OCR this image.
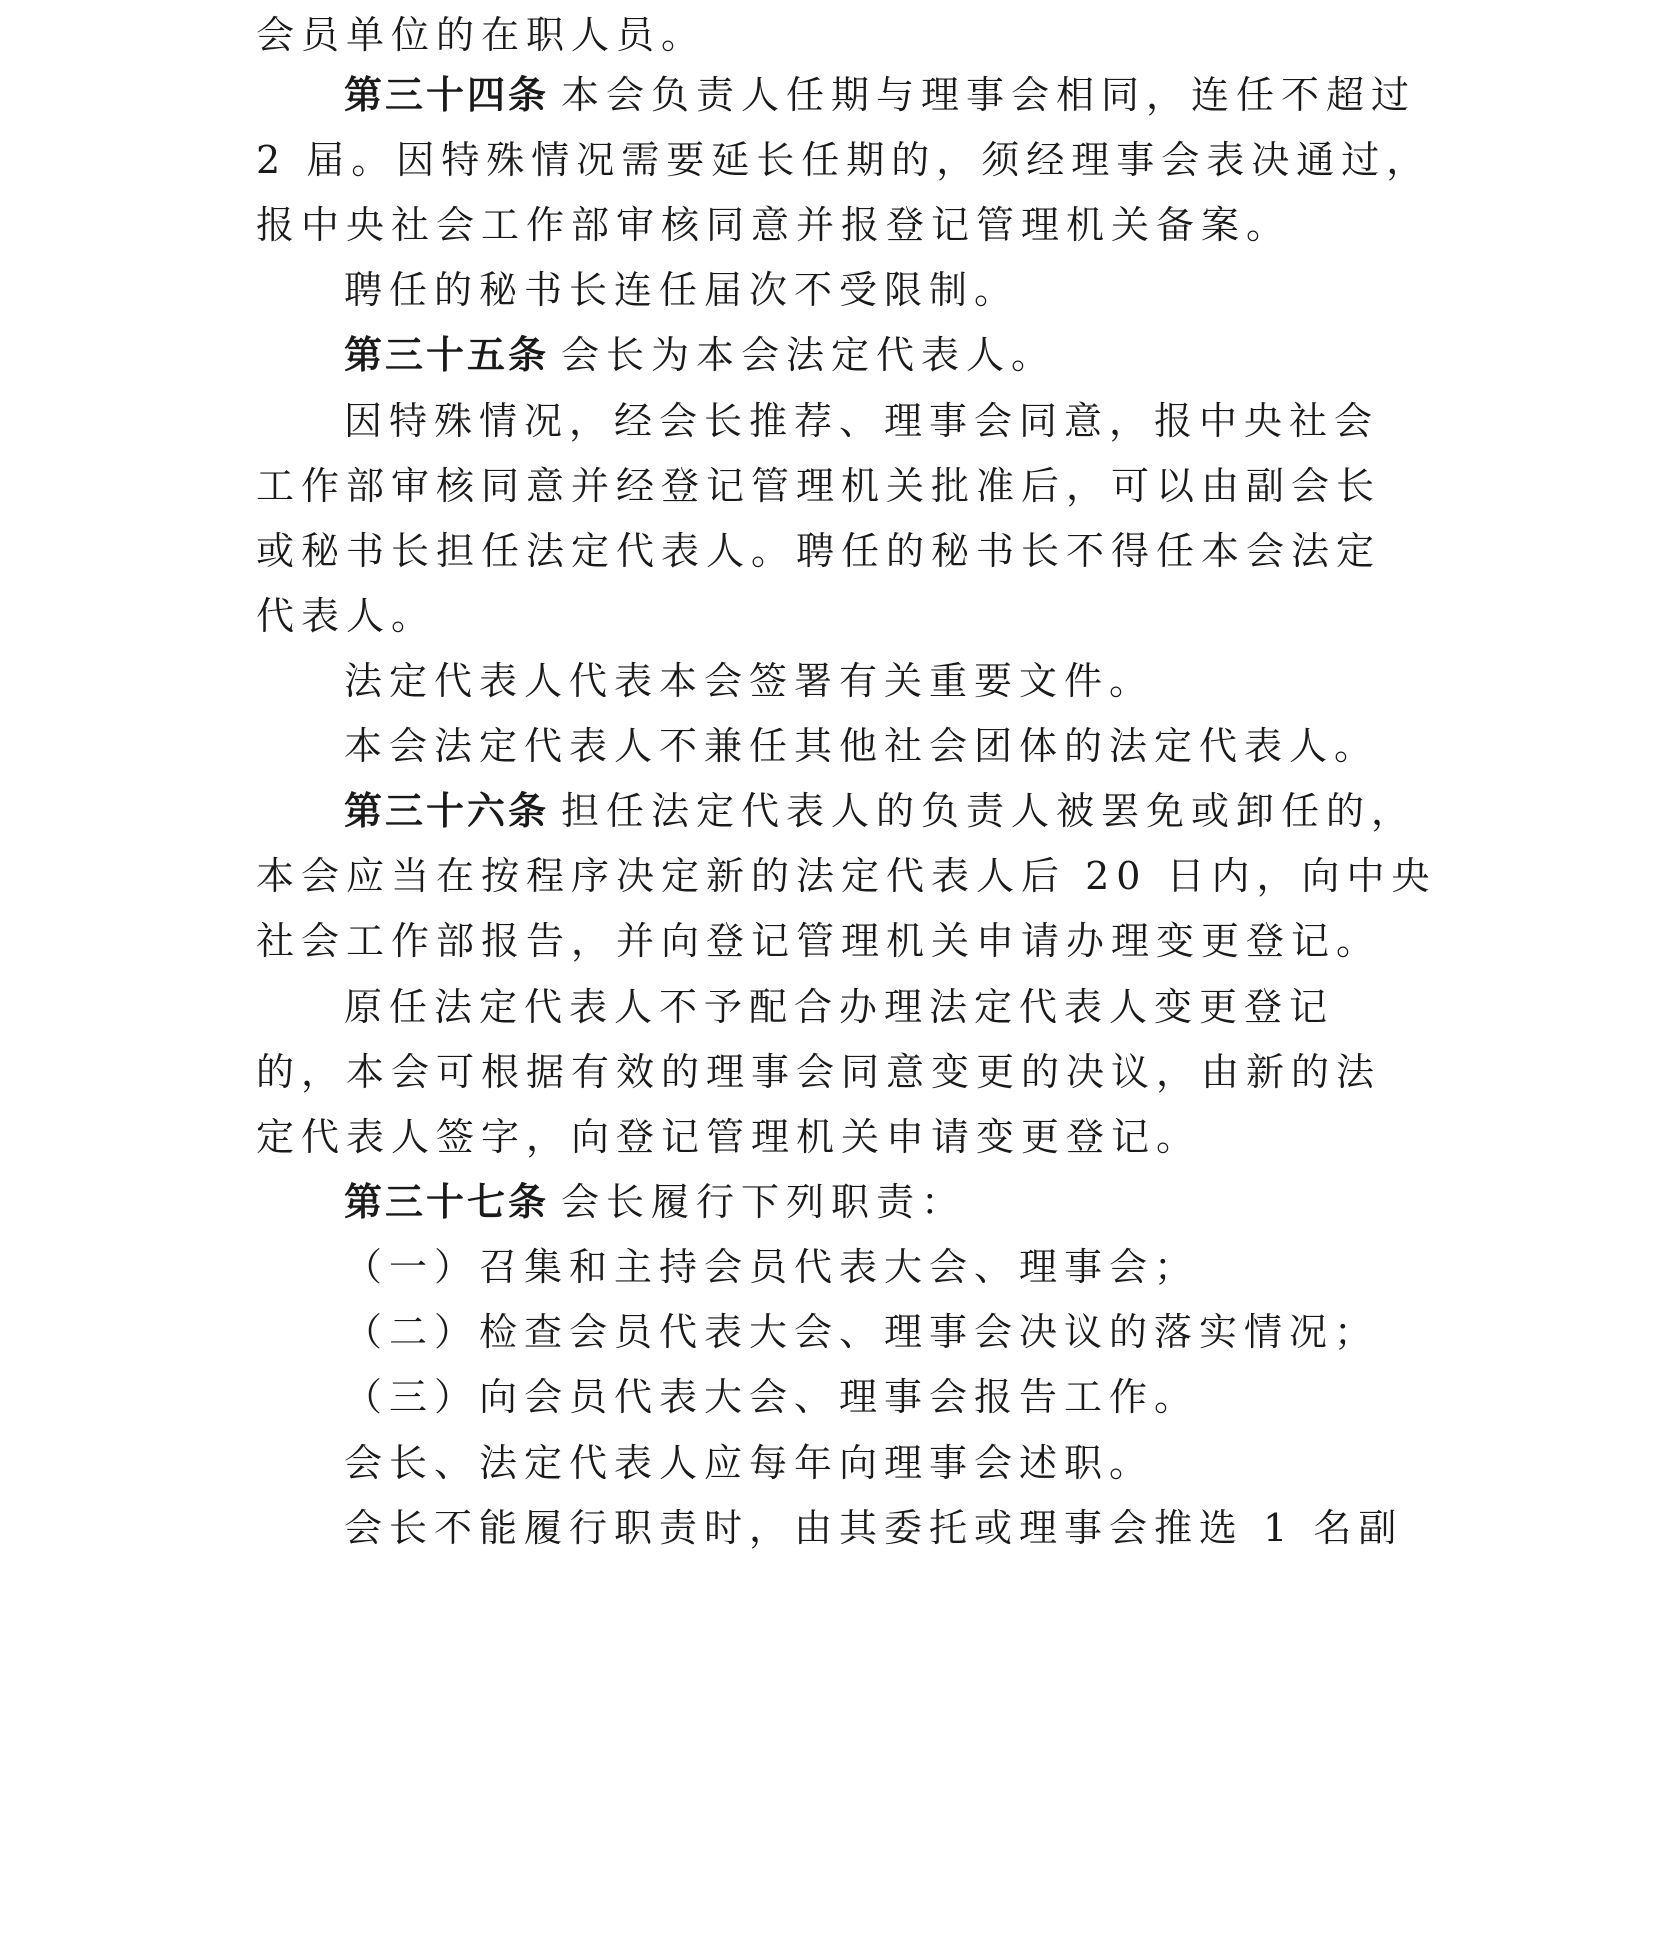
会员单位的在职人员。
第三十四条 本会负责人任期与理事会相同，连任不超过
2 届。因特殊情况需要延长任期的，须经理事会表决通过，
报中央社会工作部审核同意并报登记管理机关备案。
聘任的秘书长连任届次不受限制。
第三十五条 会长为本会法定代表人。
因特殊情况，经会长推荐、理事会同意，报中央社会
工作部审核同意并经登记管理机关批准后，可以由副会长
或秘书长担任法定代表人。聘任的秘书长不得任本会法定
代表人。
法定代表人代表本会签署有关重要文件。
本会法定代表人不兼任其他社会团体的法定代表人。
第三十六条 担任法定代表人的负责人被罢免或卸任的，
本会应当在按程序决定新的法定代表人后 20 日内，向中央
社会工作部报告，并向登记管理机关申请办理变更登记。
原任法定代表人不予配合办理法定代表人变更登记
的，本会可根据有效的理事会同意变更的决议，由新的法
定代表人签字，向登记管理机关申请变更登记。
第三十七条 会长履行下列职责：
（一）召集和主持会员代表大会、理事会；
（二）检查会员代表大会、理事会决议的落实情况；
（三）向会员代表大会、理事会报告工作。
会长、法定代表人应每年向理事会述职。
会长不能履行职责时，由其委托或理事会推选 1 名副
